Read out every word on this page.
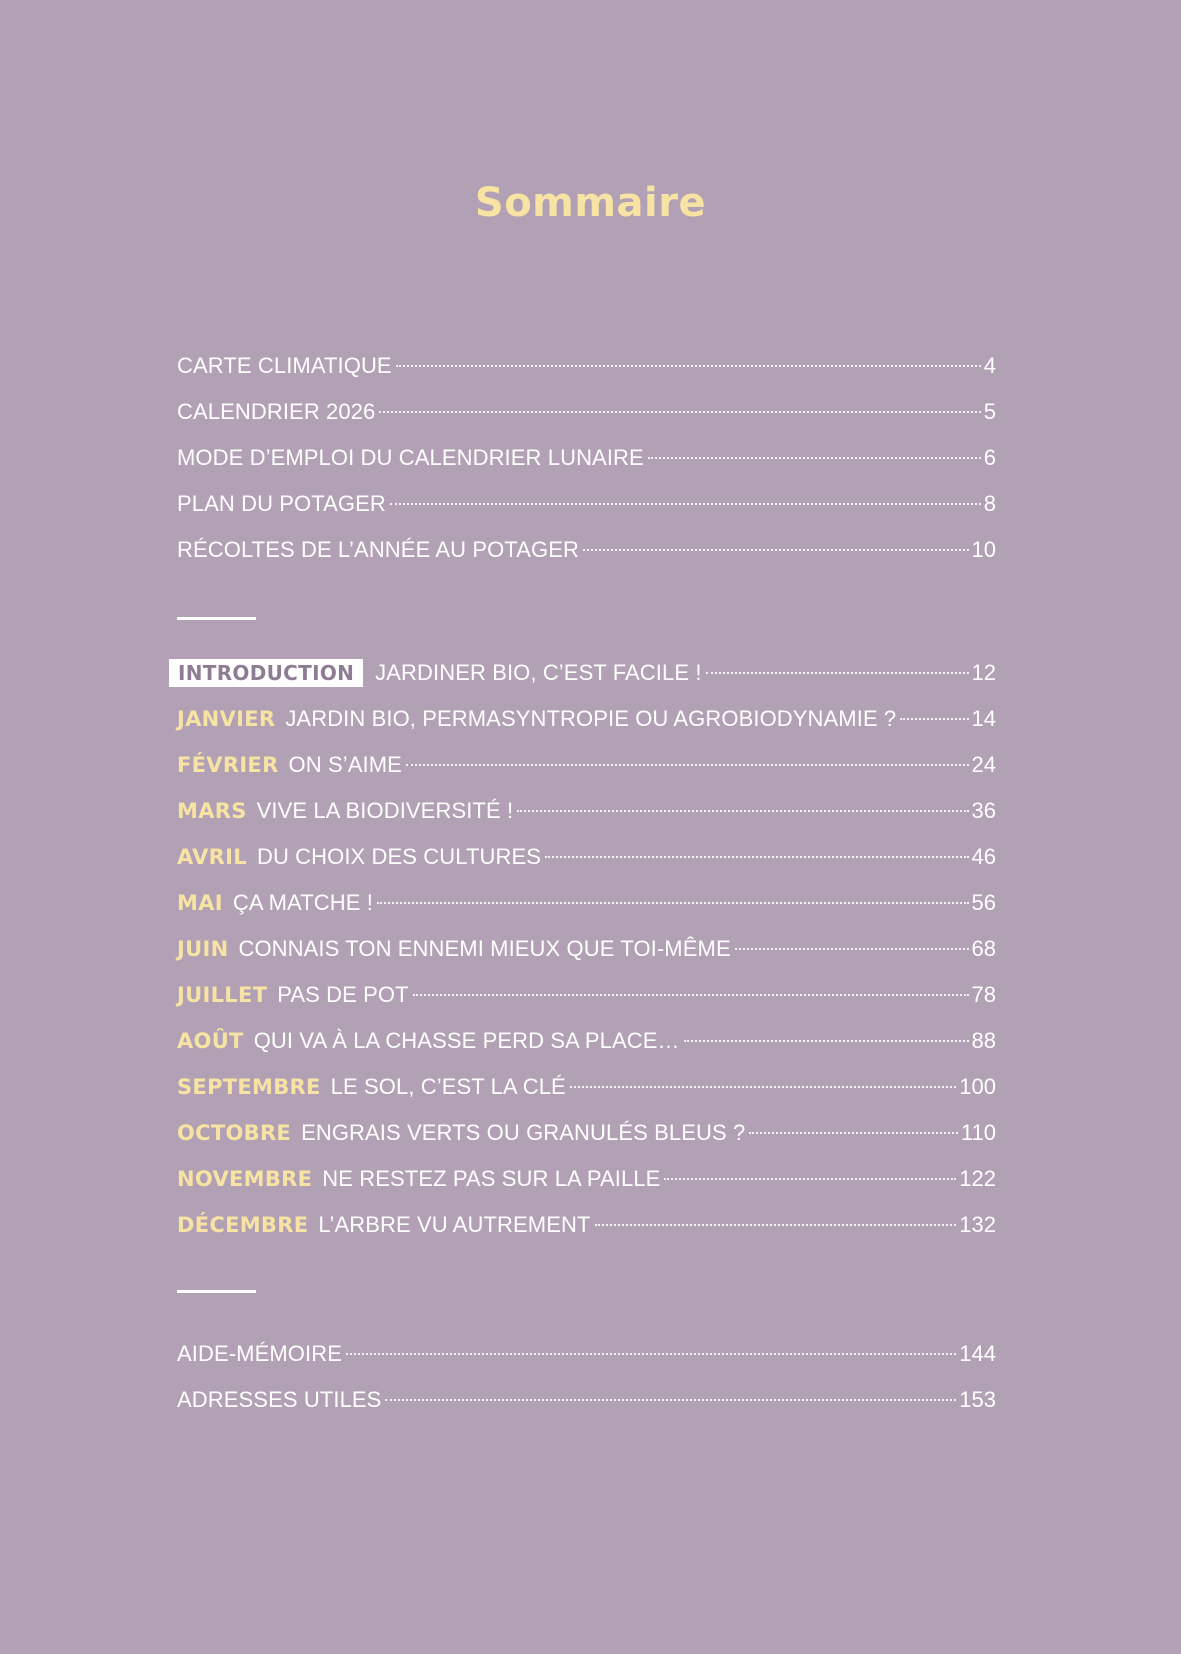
Sommaire
CARTE CLIMATIQUE	4
CALENDRIER 2026	5
MODE D’EMPLOI DU CALENDRIER LUNAIRE	6
PLAN DU POTAGER	8
RÉCOLTES DE L’ANNÉE AU POTAGER	10
INTRODUCTION JARDINER BIO, C’EST FACILE !	12
JANVIER JARDIN BIO, PERMASYNTROPIE OU AGROBIODYNAMIE ?	14
FÉVRIER ON S’AIME	24
MARS VIVE LA BIODIVERSITÉ !	36
AVRIL DU CHOIX DES CULTURES	46
MAI ÇA MATCHE !	56
JUIN CONNAIS TON ENNEMI MIEUX QUE TOI-MÊME	68
JUILLET PAS DE POT	78
AOÛT QUI VA À LA CHASSE PERD SA PLACE…	88
SEPTEMBRE LE SOL, C’EST LA CLÉ	100
OCTOBRE ENGRAIS VERTS OU GRANULÉS BLEUS ?	110
NOVEMBRE NE RESTEZ PAS SUR LA PAILLE	122
DÉCEMBRE L’ARBRE VU AUTREMENT	132
AIDE-MÉMOIRE	144
ADRESSES UTILES	153
